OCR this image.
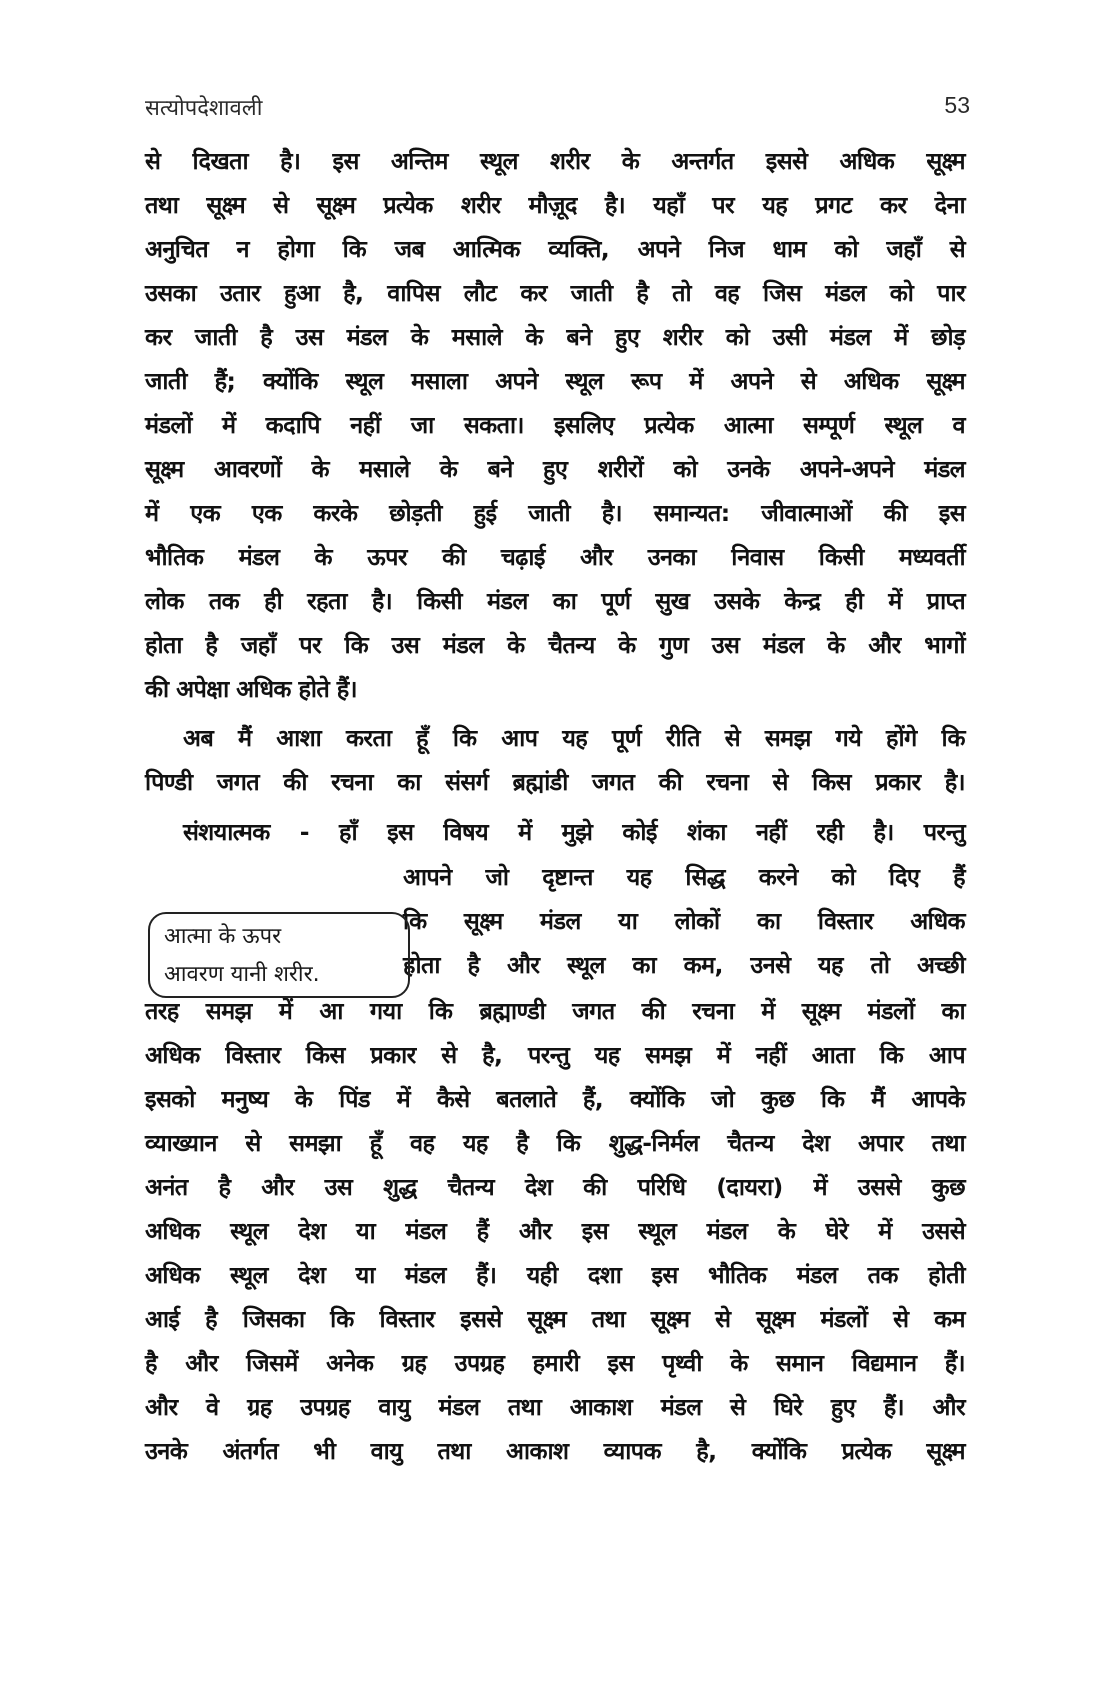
सत्योपदेशावली	53
से दिखता है। इस अन्तिम स्थूल शरीर के अन्तर्गत इससे अधिक सूक्ष्म
तथा सूक्ष्म से सूक्ष्म प्रत्येक शरीर मौज़ूद है। यहाँ पर यह प्रगट कर देना
अनुचित न होगा कि जब आत्मिक व्यक्ति, अपने निज धाम को जहाँ से
उसका उतार हुआ है, वापिस लौट कर जाती है तो वह जिस मंडल को पार
कर जाती है उस मंडल के मसाले के बने हुए शरीर को उसी मंडल में छोड़
जाती हैं; क्योंकि स्थूल मसाला अपने स्थूल रूप में अपने से अधिक सूक्ष्म
मंडलों में कदापि नहीं जा सकता। इसलिए प्रत्येक आत्मा सम्पूर्ण स्थूल व
सूक्ष्म आवरणों के मसाले के बने हुए शरीरों को उनके अपने-अपने मंडल
में एक एक करके छोड़ती हुई जाती है। समान्यत: जीवात्माओं की इस
भौतिक मंडल के ऊपर की चढ़ाई और उनका निवास किसी मध्यवर्ती
लोक तक ही रहता है। किसी मंडल का पूर्ण सुख उसके केन्द्र ही में प्राप्त
होता है जहाँ पर कि उस मंडल के चैतन्य के गुण उस मंडल के और भागों
की अपेक्षा अधिक होते हैं।
अब मैं आशा करता हूँ कि आप यह पूर्ण रीति से समझ गये होंगे कि
पिण्डी जगत की रचना का संसर्ग ब्रह्मांडी जगत की रचना से किस प्रकार है।
संशयात्मक - हाँ इस विषय में मुझे कोई शंका नहीं रही है। परन्तु
आपने जो दृष्टान्त यह सिद्ध करने को दिए हैं
कि सूक्ष्म मंडल या लोकों का विस्तार अधिक
होता है और स्थूल का कम, उनसे यह तो अच्छी
तरह समझ में आ गया कि ब्रह्माण्डी जगत की रचना में सूक्ष्म मंडलों का
अधिक विस्तार किस प्रकार से है, परन्तु यह समझ में नहीं आता कि आप
इसको मनुष्य के पिंड में कैसे बतलाते हैं, क्योंकि जो कुछ कि मैं आपके
व्याख्यान से समझा हूँ वह यह है कि शुद्ध-निर्मल चैतन्य देश अपार तथा
अनंत है और उस शुद्ध चैतन्य देश की परिधि (दायरा) में उससे कुछ
अधिक स्थूल देश या मंडल हैं और इस स्थूल मंडल के घेरे में उससे
अधिक स्थूल देश या मंडल हैं। यही दशा इस भौतिक मंडल तक होती
आई है जिसका कि विस्तार इससे सूक्ष्म तथा सूक्ष्म से सूक्ष्म मंडलों से कम
है और जिसमें अनेक ग्रह उपग्रह हमारी इस पृथ्वी के समान विद्यमान हैं।
और वे ग्रह उपग्रह वायु मंडल तथा आकाश मंडल से घिरे हुए हैं। और
उनके अंतर्गत भी वायु तथा आकाश व्यापक है, क्योंकि प्रत्येक सूक्ष्म
आत्मा के ऊपर
आवरण यानी शरीर.
